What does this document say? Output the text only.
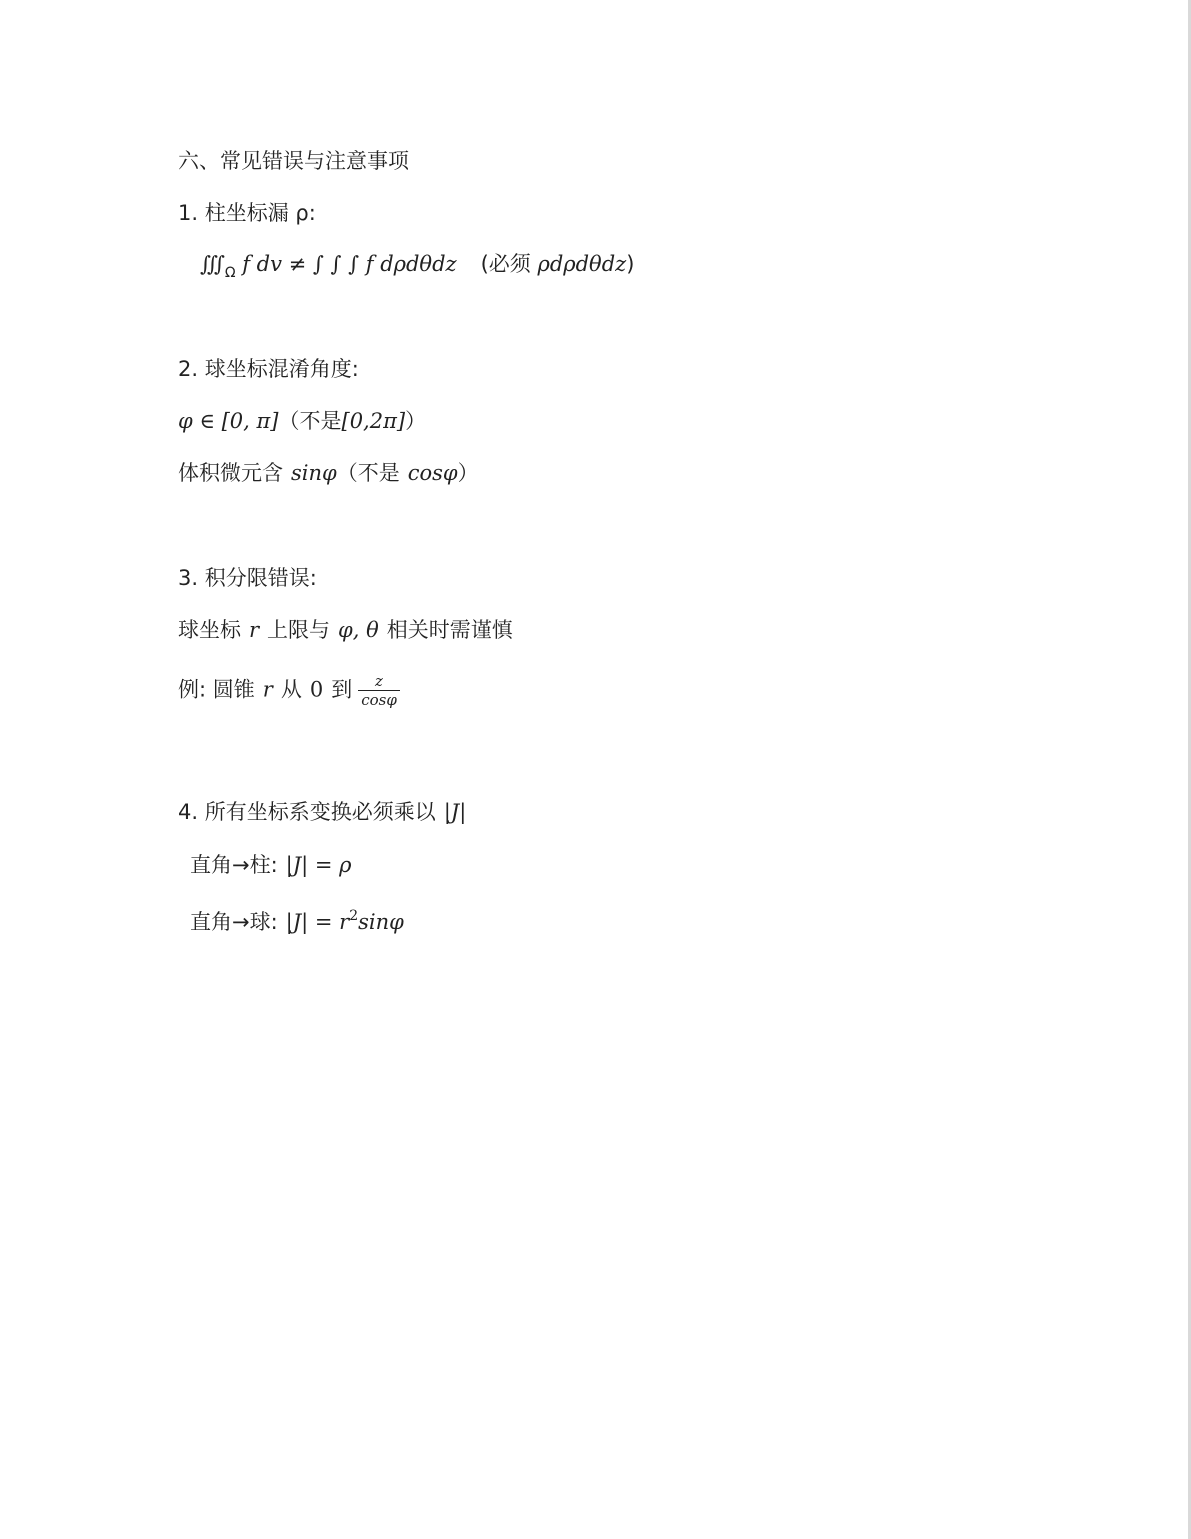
六、常见错误与注意事项
1. 柱坐标漏 ρ:
$∭_\Omega$ f dv ≠ ∫ ∫ ∫ f dρdθdz (必须 ρdρdθdz)
2. 球坐标混淆角度:
φ ∈ [0, π]（不是[0,2π]）
体积微元含 sinφ（不是 cosφ）
3. 积分限错误:
球坐标 r 上限与 φ, θ 相关时需谨慎
例: 圆锥 r 从 0 到 $\frac{z}{\cos\varphi}$
4. 所有坐标系变换必须乘以 |J|
直角→柱: |J| = ρ
直角→球: $|J| = r^2\sin\varphi$
